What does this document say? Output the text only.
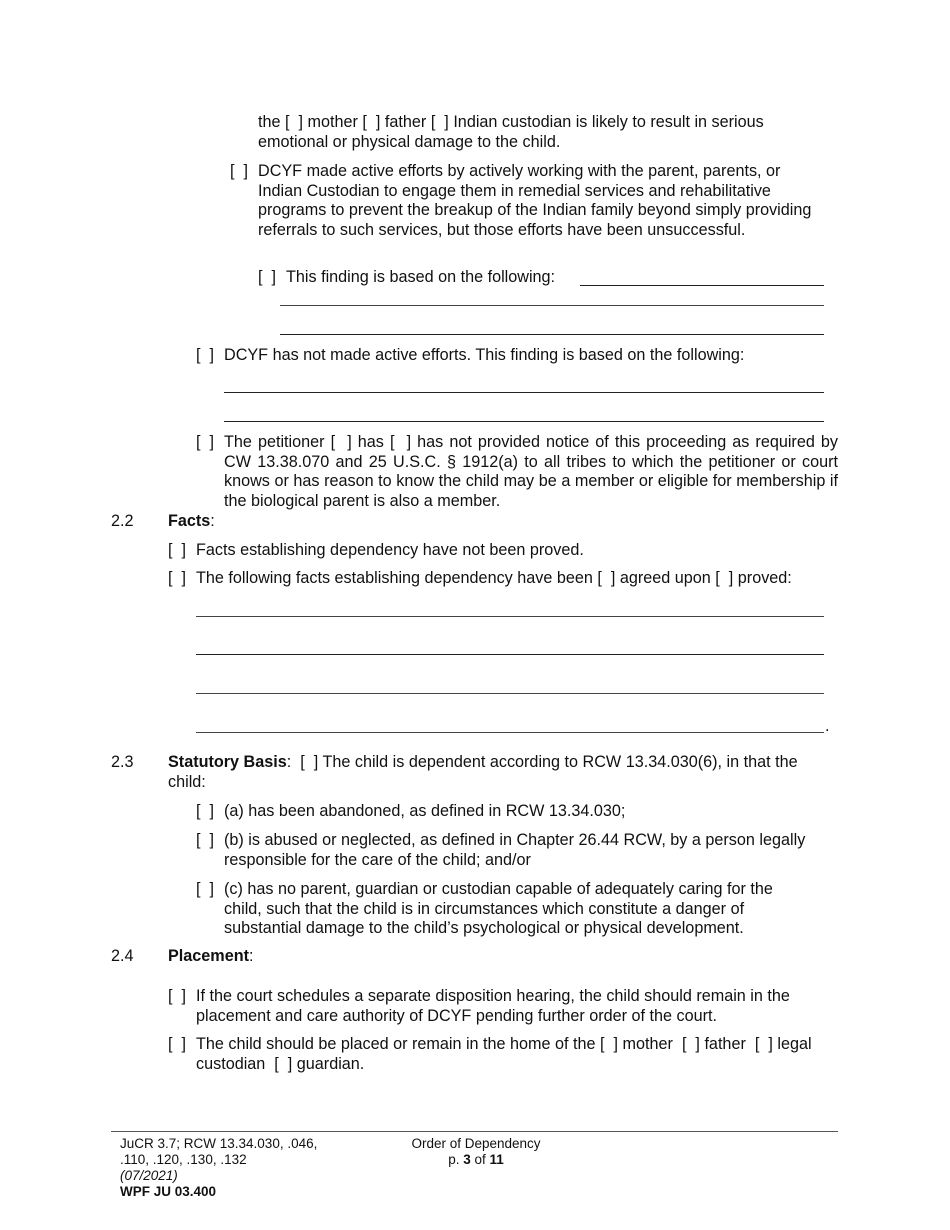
the [  ] mother [  ] father [  ] Indian custodian is likely to result in serious
emotional or physical damage to the child.
[  ] DCYF made active efforts by actively working with the parent, parents, or Indian Custodian to engage them in remedial services and rehabilitative programs to prevent the breakup of the Indian family beyond simply providing referrals to such services, but those efforts have been unsuccessful.
[  ] This finding is based on the following:
[  ] DCYF has not made active efforts. This finding is based on the following:
[  ] The petitioner [  ] has [  ] has not provided notice of this proceeding as required by CW 13.38.070 and 25 U.S.C. § 1912(a) to all tribes to which the petitioner or court knows or has reason to know the child may be a member or eligible for membership if the biological parent is also a member.
2.2 Facts:
[  ] Facts establishing dependency have not been proved.
[  ] The following facts establishing dependency have been [  ] agreed upon [  ] proved:
.
2.3 Statutory Basis:  [  ] The child is dependent according to RCW 13.34.030(6), in that the
child:
[  ] (a) has been abandoned, as defined in RCW 13.34.030;
[  ] (b) is abused or neglected, as defined in Chapter 26.44 RCW, by a person legally responsible for the care of the child; and/or
[  ] (c) has no parent, guardian or custodian capable of adequately caring for the child, such that the child is in circumstances which constitute a danger of substantial damage to the child’s psychological or physical development.
2.4 Placement:
[  ] If the court schedules a separate disposition hearing, the child should remain in the placement and care authority of DCYF pending further order of the court.
[  ] The child should be placed or remain in the home of the [  ] mother [  ] father [  ] legal custodian [  ] guardian.
JuCR 3.7; RCW 13.34.030, .046,
.110, .120, .130, .132
(07/2021)
WPF JU 03.400
Order of Dependency
p. 3 of 11
